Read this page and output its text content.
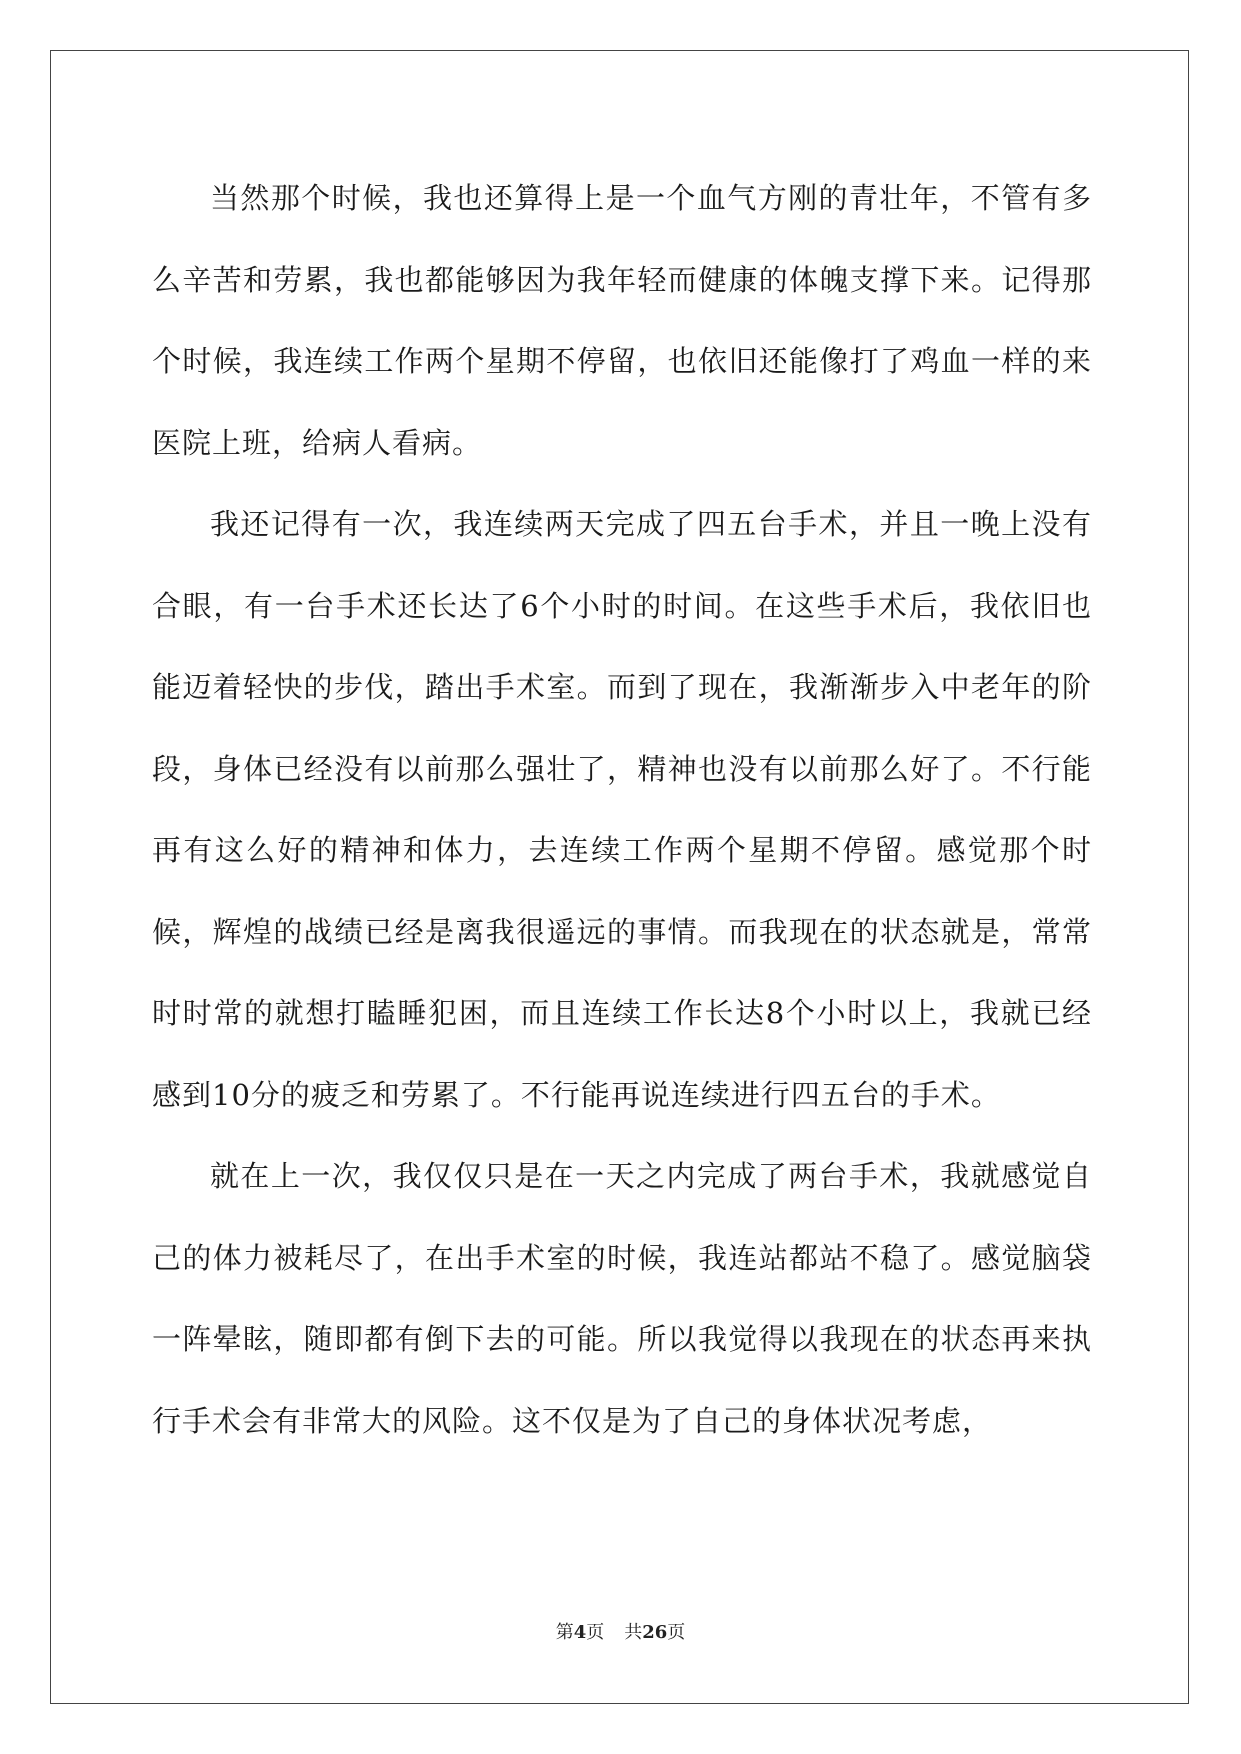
当然那个时候，我也还算得上是一个血气方刚的青壮年，不管有多么辛苦和劳累，我也都能够因为我年轻而健康的体魄支撑下来。记得那个时候，我连续工作两个星期不停留，也依旧还能像打了鸡血一样的来医院上班，给病人看病。

我还记得有一次，我连续两天完成了四五台手术，并且一晚上没有合眼，有一台手术还长达了6个小时的时间。在这些手术后，我依旧也能迈着轻快的步伐，踏出手术室。而到了现在，我渐渐步入中老年的阶段，身体已经没有以前那么强壮了，精神也没有以前那么好了。不行能再有这么好的精神和体力，去连续工作两个星期不停留。感觉那个时候，辉煌的战绩已经是离我很遥远的事情。而我现在的状态就是，常常时时常的就想打瞌睡犯困，而且连续工作长达8个小时以上，我就已经感到10分的疲乏和劳累了。不行能再说连续进行四五台的手术。

就在上一次，我仅仅只是在一天之内完成了两台手术，我就感觉自己的体力被耗尽了，在出手术室的时候，我连站都站不稳了。感觉脑袋一阵晕眩，随即都有倒下去的可能。所以我觉得以我现在的状态再来执行手术会有非常大的风险。这不仅是为了自己的身体状况考虑，

第4页 共26页
